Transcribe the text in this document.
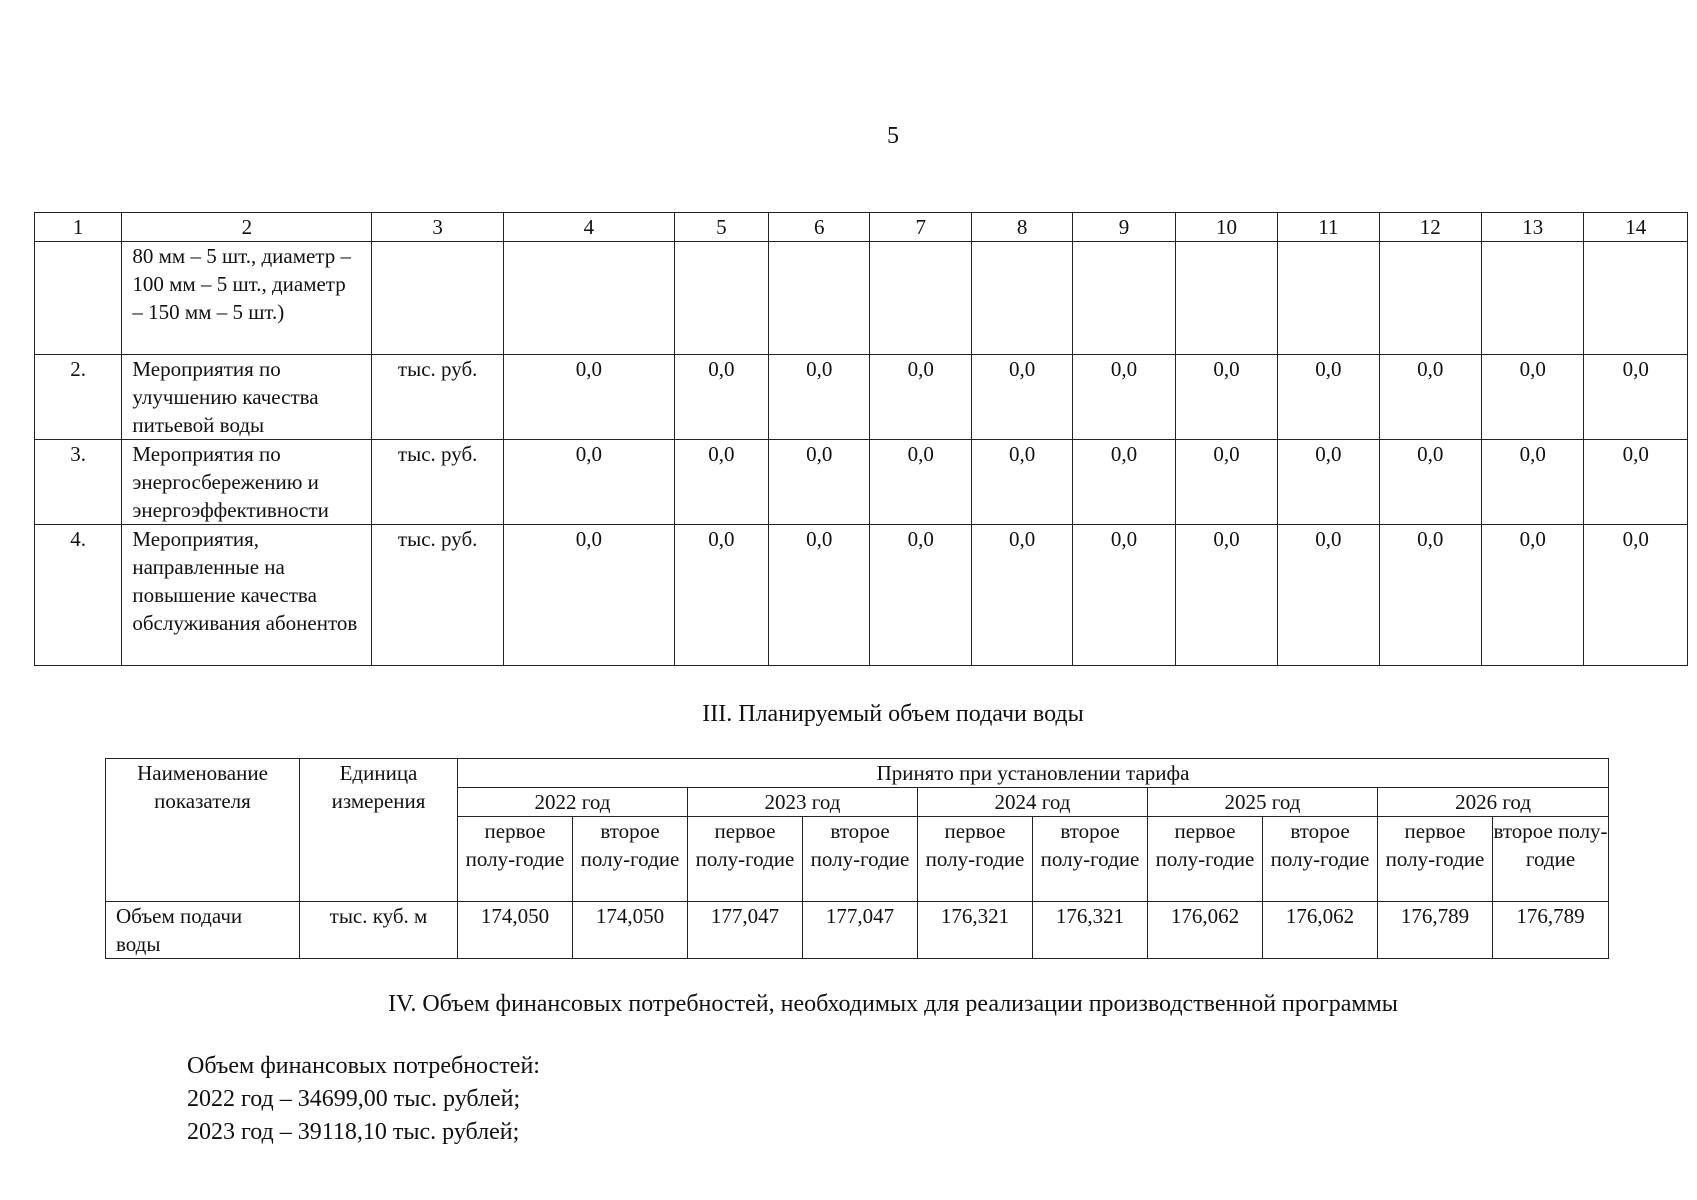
5
1	2	3	4	5	6	7	8	9	10	11	12	13	14
	80 мм – 5 шт., диаметр – 100 мм – 5 шт., диаметр – 150 мм – 5 шт.)												
2.	Мероприятия по улучшению качества питьевой воды	тыс. руб.	0,0	0,0	0,0	0,0	0,0	0,0	0,0	0,0	0,0	0,0	0,0
3.	Мероприятия по энергосбережению и энергоэффективности	тыс. руб.	0,0	0,0	0,0	0,0	0,0	0,0	0,0	0,0	0,0	0,0	0,0
4.	Мероприятия, направленные на повышение качества обслуживания абонентов	тыс. руб.	0,0	0,0	0,0	0,0	0,0	0,0	0,0	0,0	0,0	0,0	0,0
III. Планируемый объем подачи воды
Наименование показателя	Единица измерения	Принято при установлении тарифа									
		2022 год		2023 год		2024 год		2025 год		2026 год	
		первое полу-годие	второе полу-годие	первое полу-годие	второе полу-годие	первое полу-годие	второе полу-годие	первое полу-годие	второе полу-годие	первое полу-годие	второе полу-годие
Объем подачи воды	тыс. куб. м	174,050	174,050	177,047	177,047	176,321	176,321	176,062	176,062	176,789	176,789
IV. Объем финансовых потребностей, необходимых для реализации производственной программы
Объем финансовых потребностей:
2022 год – 34699,00 тыс. рублей;
2023 год – 39118,10 тыс. рублей;
